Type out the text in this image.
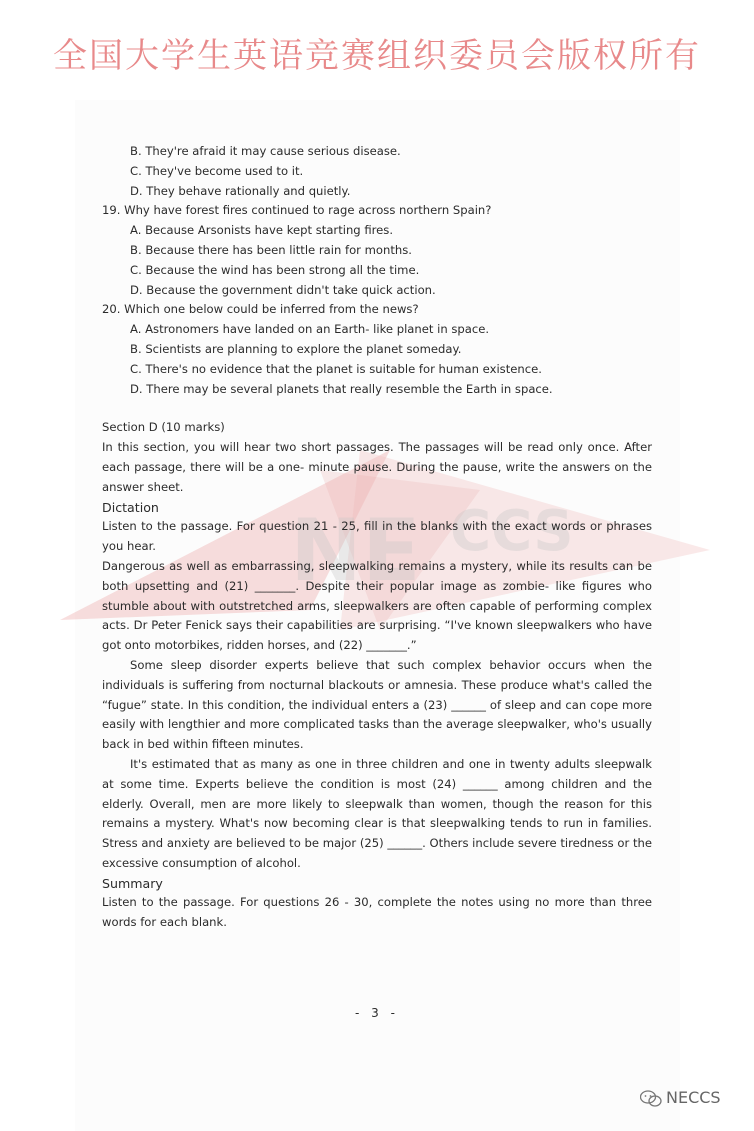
全国大学生英语竞赛组织委员会版权所有

B. They're afraid it may cause serious disease.

C. They've become used to it.

D. They behave rationally and quietly.

19. Why have forest fires continued to rage across northern Spain?

A. Because Arsonists have kept starting fires.

B. Because there has been little rain for months.

C. Because the wind has been strong all the time.

D. Because the government didn't take quick action.

20. Which one below could be inferred from the news?

A. Astronomers have landed on an Earth- like planet in space.

B. Scientists are planning to explore the planet someday.

C. There's no evidence that the planet is suitable for human existence.

D. There may be several planets that really resemble the Earth in space.

Section D (10 marks)

In this section, you will hear two short passages. The passages will be read only once. After each passage, there will be a one- minute pause. During the pause, write the answers on the answer sheet.

Dictation

Listen to the passage. For question 21 - 25, fill in the blanks with the exact words or phrases you hear.

Dangerous as well as embarrassing, sleepwalking remains a mystery, while its results can be both upsetting and (21) _______. Despite their popular image as zombie- like figures who stumble about with outstretched arms, sleepwalkers are often capable of performing complex acts. Dr Peter Fenick says their capabilities are surprising. “I've known sleepwalkers who have got onto motorbikes, ridden horses, and (22) _______.”

Some sleep disorder experts believe that such complex behavior occurs when the individuals is suffering from nocturnal blackouts or amnesia. These produce what's called the “fugue” state. In this condition, the individual enters a (23) ______ of sleep and can cope more easily with lengthier and more complicated tasks than the average sleepwalker, who's usually back in bed within fifteen minutes.

It's estimated that as many as one in three children and one in twenty adults sleepwalk at some time. Experts believe the condition is most (24) ______ among children and the elderly. Overall, men are more likely to sleepwalk than women, though the reason for this remains a mystery. What's now becoming clear is that sleepwalking tends to run in families. Stress and anxiety are believed to be major (25) ______. Others include severe tiredness or the excessive consumption of alcohol.

Summary

Listen to the passage. For questions 26 - 30, complete the notes using no more than three words for each blank.

- 3 -
NECCS
